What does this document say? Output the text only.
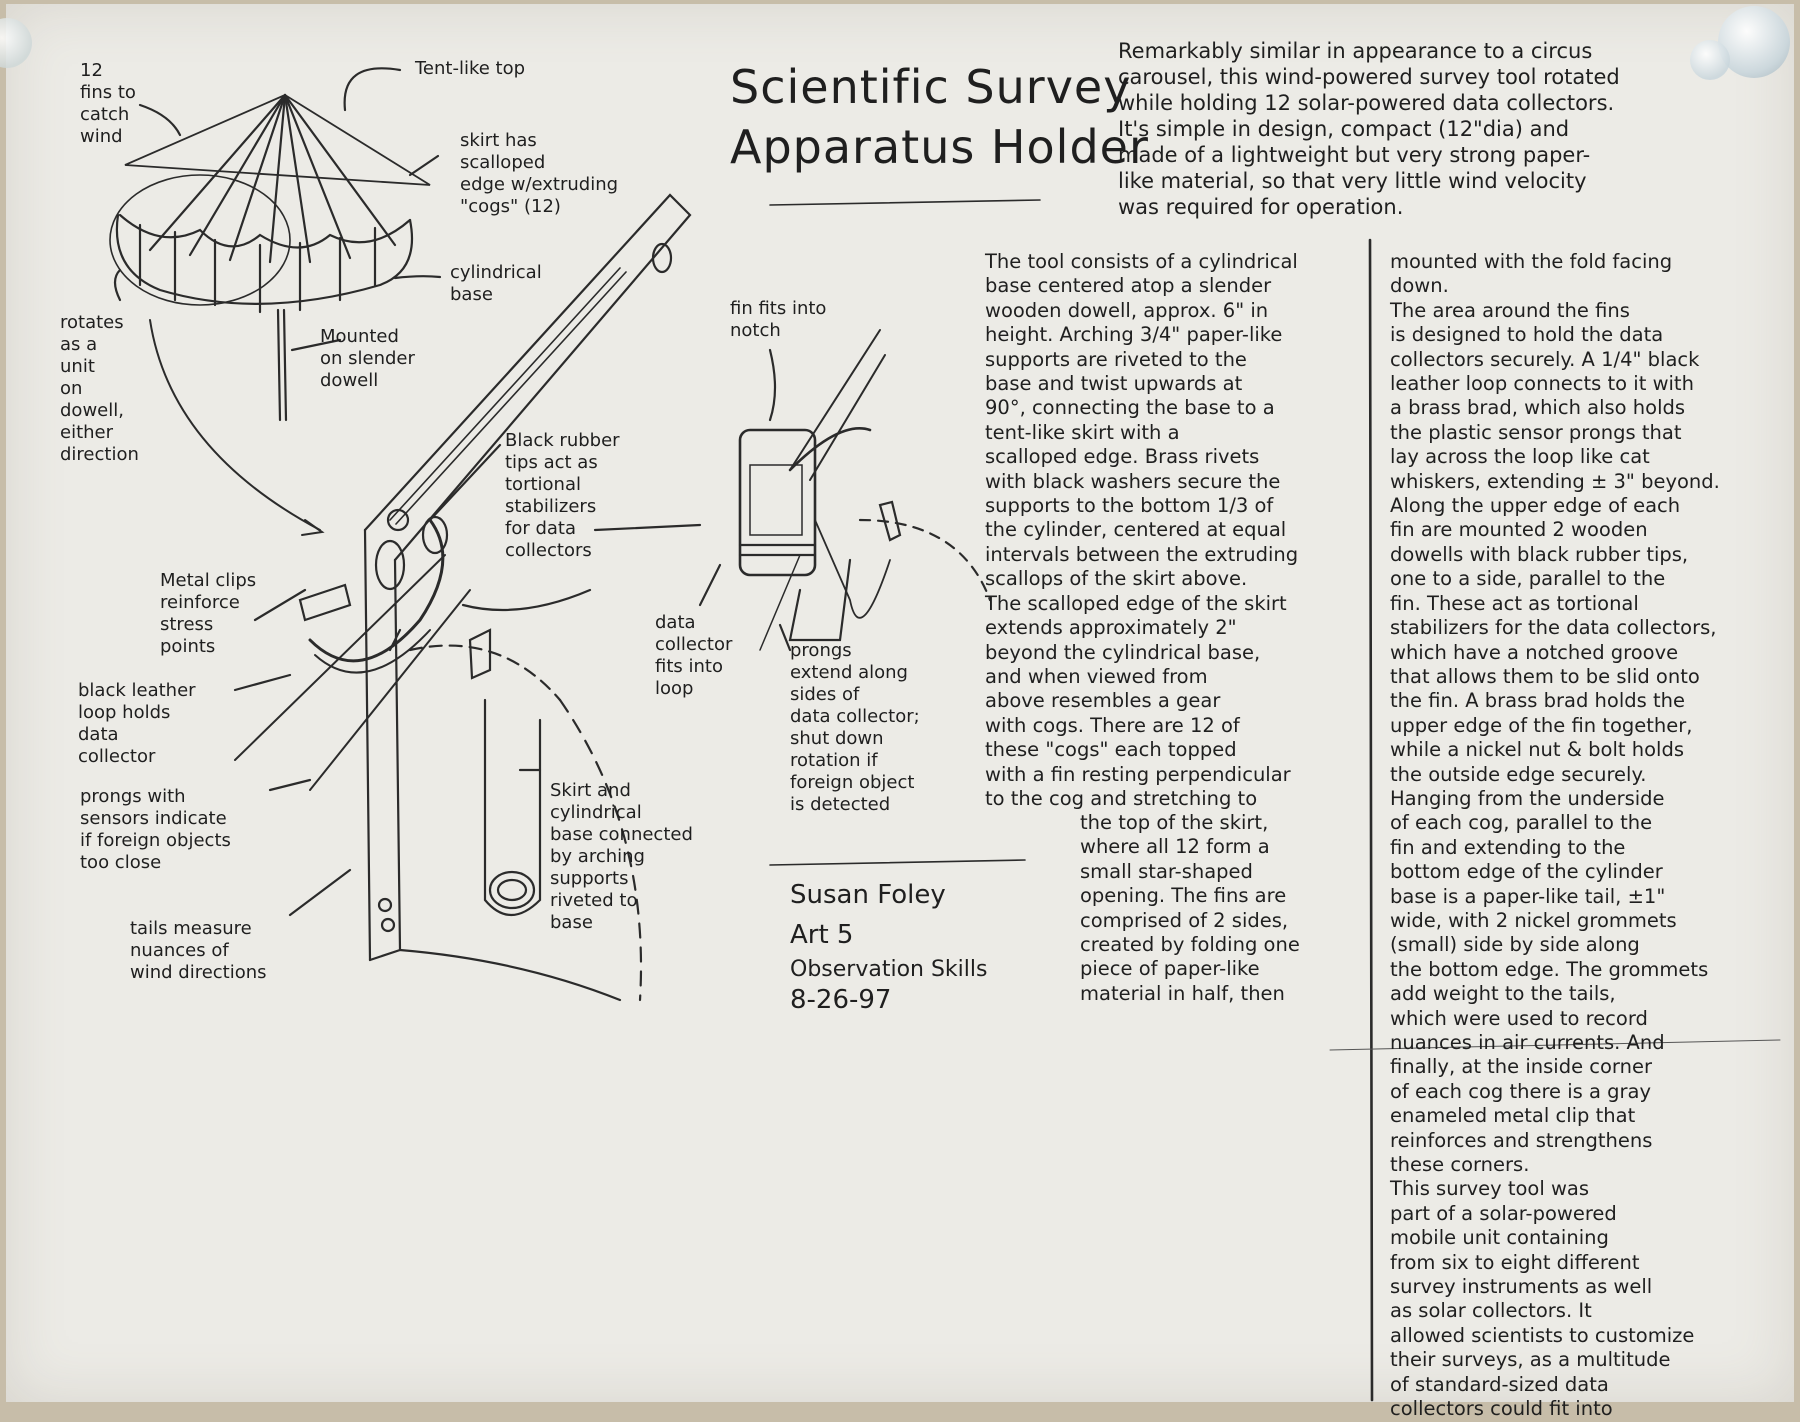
Scientific Survey
Apparatus Holder
Remarkably similar in appearance to a circus
carousel, this wind-powered survey tool rotated
while holding 12 solar-powered data collectors.
It's simple in design, compact (12"dia) and
made of a lightweight but very strong paper-
like material, so that very little wind velocity
was required for operation.
The tool consists of a cylindrical
base centered atop a slender
wooden dowell, approx. 6" in
height. Arching 3/4" paper-like
supports are riveted to the
base and twist upwards at
90°, connecting the base to a
tent-like skirt with a
scalloped edge. Brass rivets
with black washers secure the
supports to the bottom 1/3 of
the cylinder, centered at equal
intervals between the extruding
scallops of the skirt above.
The scalloped edge of the skirt
extends approximately 2"
beyond the cylindrical base,
and when viewed from
above resembles a gear
with cogs. There are 12 of
these "cogs" each topped
with a fin resting perpendicular
to the cog and stretching to
the top of the skirt,
where all 12 form a
small star-shaped
opening. The fins are
comprised of 2 sides,
created by folding one
piece of paper-like
material in half, then
mounted with the fold facing
down.
The area around the fins
is designed to hold the data
collectors securely. A 1/4" black
leather loop connects to it with
a brass brad, which also holds
the plastic sensor prongs that
lay across the loop like cat
whiskers, extending ± 3" beyond.
Along the upper edge of each
fin are mounted 2 wooden
dowells with black rubber tips,
one to a side, parallel to the
fin. These act as tortional
stabilizers for the data collectors,
which have a notched groove
that allows them to be slid onto
the fin. A brass brad holds the
upper edge of the fin together,
while a nickel nut & bolt holds
the outside edge securely.
Hanging from the underside
of each cog, parallel to the
fin and extending to the
bottom edge of the cylinder
base is a paper-like tail, ±1"
wide, with 2 nickel grommets
(small) side by side along
the bottom edge. The grommets
add weight to the tails,
which were used to record
nuances in air currents. And
finally, at the inside corner
of each cog there is a gray
enameled metal clip that
reinforces and strengthens
these corners.
This survey tool was
part of a solar-powered
mobile unit containing
from six to eight different
survey instruments as well
as solar collectors. It
allowed scientists to customize
their surveys, as a multitude
of standard-sized data
collectors could fit into
12
fins to
catch
wind
Tent-like top
skirt has
scalloped
edge w/extruding
"cogs" (12)
cylindrical
base
rotates
as a
unit
on
dowell,
either
direction
Mounted
on slender
dowell
Black rubber
tips act as
tortional
stabilizers
for data
collectors
Metal clips
reinforce
stress
points
black leather
loop holds
data
collector
prongs with
sensors indicate
if foreign objects
too close
tails measure
nuances of
wind directions
Skirt and
cylindrical
base connected
by arching
supports
riveted to
base
fin fits into
notch
data
collector
fits into
loop
prongs
extend along
sides of
data collector;
shut down
rotation if
foreign object
is detected
Susan Foley
Art 5
Observation Skills
8-26-97
